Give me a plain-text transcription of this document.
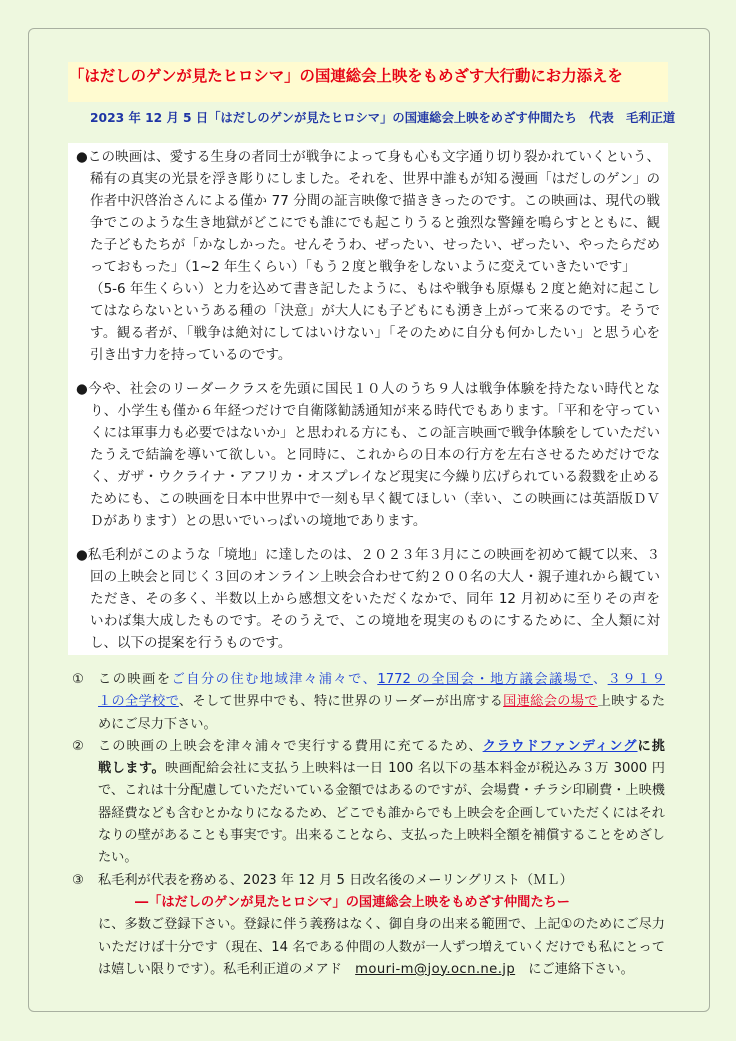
「はだしのゲンが見たヒロシマ」の国連総会上映をもめざす大行動にお力添えを
2023 年 12 月 5 日「はだしのゲンが見たヒロシマ」の国連総会上映をめざす仲間たち　代表　毛利正道
●この映画は、愛する生身の者同士が戦争によって身も心も文字通り切り裂かれていくという、
稀有の真実の光景を浮き彫りにしました。それを、世界中誰もが知る漫画「はだしのゲン」の
作者中沢啓治さんによる僅か 77 分間の証言映像で描ききったのです。この映画は、現代の戦
争でこのような生き地獄がどこにでも誰にでも起こりうると強烈な警鐘を鳴らすとともに、観
た子どもたちが「かなしかった。せんそうわ、ぜったい、せったい、ぜったい、やったらだめ
っておもった」（1~2 年生くらい）「もう２度と戦争をしないように変えていきたいです」
（5-6 年生くらい）と力を込めて書き記したように、もはや戦争も原爆も２度と絶対に起こし
てはならないというある種の「決意」が大人にも子どもにも湧き上がって来るのです。そうで
す。観る者が、「戦争は絶対にしてはいけない」「そのために自分も何かしたい」と思う心を
引き出す力を持っているのです。
●今や、社会のリーダークラスを先頭に国民１０人のうち９人は戦争体験を持たない時代とな
り、小学生も僅か６年経つだけで自衛隊勧誘通知が来る時代でもあります。「平和を守ってい
くには軍事力も必要ではないか」と思われる方にも、この証言映画で戦争体験をしていただい
たうえで結論を導いて欲しい。と同時に、これからの日本の行方を左右させるためだけでな
く、ガザ・ウクライナ・アフリカ・オスプレイなど現実に今繰り広げられている殺戮を止める
ためにも、この映画を日本中世界中で一刻も早く観てほしい（幸い、この映画には英語版ＤＶ
Ｄがあります）との思いでいっぱいの境地であります。
●私毛利がこのような「境地」に達したのは、２０２３年３月にこの映画を初めて観て以来、３
回の上映会と同じく３回のオンライン上映会合わせて約２００名の大人・親子連れから観てい
ただき、その多く、半数以上から感想文をいただくなかで、同年 12 月初めに至りその声を
いわば集大成したものです。そのうえで、この境地を現実のものにするために、全人類に対
し、以下の提案を行うものです。
① この映画をご自分の住む地域津々浦々で、1772 の全国会・地方議会議場で、３９１９
１の全学校で、そして世界中でも、特に世界のリーダーが出席する国連総会の場で上映するた
めにご尽力下さい。
② この映画の上映会を津々浦々で実行する費用に充てるため、クラウドファンディングに挑
戦します。映画配給会社に支払う上映料は一日 100 名以下の基本料金が税込み３万 3000 円
で、これは十分配慮していただいている金額ではあるのですが、会場費・チラシ印刷費・上映機
器経費なども含むとかなりになるため、どこでも誰からでも上映会を企画していただくにはそれ
なりの壁があることも事実です。出来ることなら、支払った上映料全額を補償することをめざし
たい。
③ 私毛利が代表を務める、2023 年 12 月 5 日改名後のメーリングリスト（ＭＬ）
―「はだしのゲンが見たヒロシマ」の国連総会上映をもめざす仲間たちー
に、多数ご登録下さい。登録に伴う義務はなく、御自身の出来る範囲で、上記①のためにご尽力
いただけば十分です（現在、14 名である仲間の人数が一人ずつ増えていくだけでも私にとって
は嬉しい限りです）。私毛利正道のメアド　mouri-m@joy.ocn.ne.jp　にご連絡下さい。
